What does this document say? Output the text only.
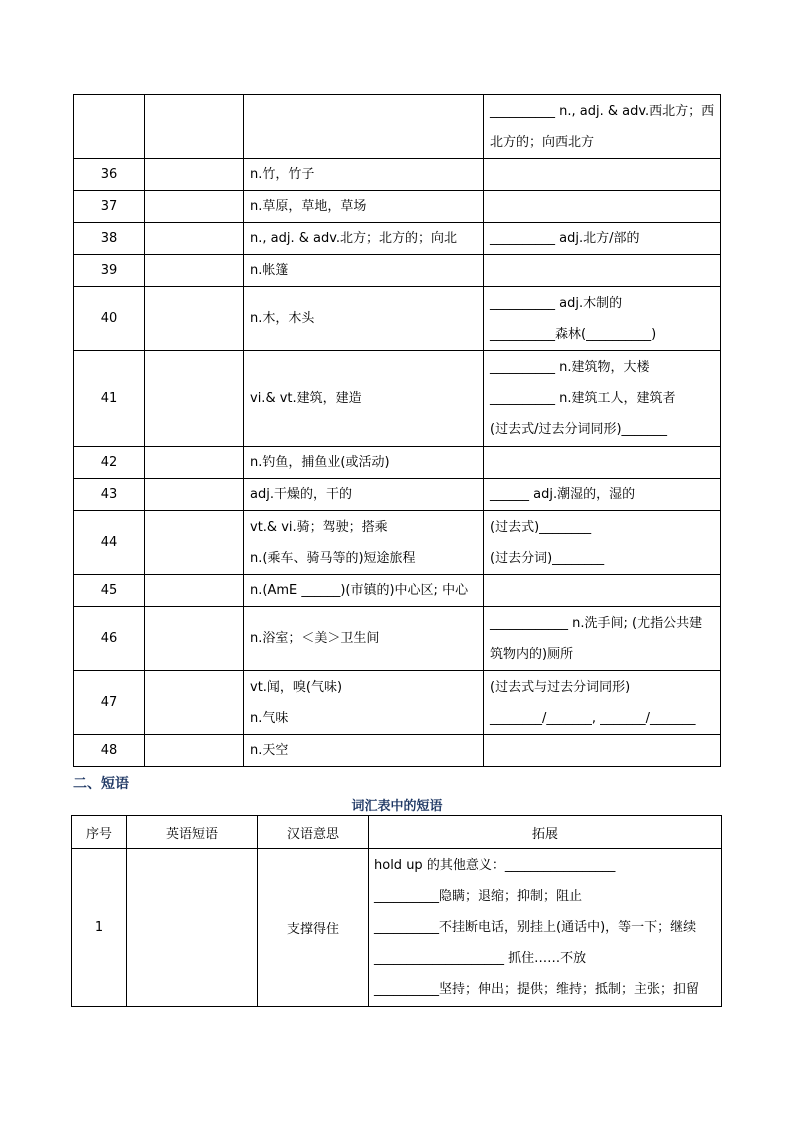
			__________ n., adj. & adv.西北方；西
北方的；向西北方

36		n.竹，竹子	

37		n.草原，草地，草场	

38		n., adj. & adv.北方；北方的；向北	__________ adj.北方/部的

39		n.帐篷	

40		n.木，木头	__________ adj.木制的
__________森林(__________)

41		vi.& vt.建筑，建造	__________ n.建筑物，大楼
__________ n.建筑工人，建筑者
(过去式/过去分词同形)_______

42		n.钓鱼，捕鱼业(或活动)	

43		adj.干燥的，干的	______ adj.潮湿的，湿的

44		vt.& vi.骑；驾驶；搭乘
n.(乘车、骑马等的)短途旅程	(过去式)________
(过去分词)________

45		n.(AmE ______)(市镇的)中心区; 中心	

46		n.浴室；＜美＞卫生间	____________ n.洗手间; (尤指公共建
筑物内的)厕所

47		vt.闻，嗅(气味)
n.气味	(过去式与过去分词同形)
________/_______, _______/_______

48		n.天空	

二、短语
词汇表中的短语
序号	英语短语	汉语意思	拓展
1		支撑得住	hold up 的其他意义：_________________
__________隐瞒；退缩；抑制；阻止
__________不挂断电话，别挂上(通话中)，等一下；继续
____________________ 抓住……不放
__________坚持；伸出；提供；维持；抵制；主张；扣留
